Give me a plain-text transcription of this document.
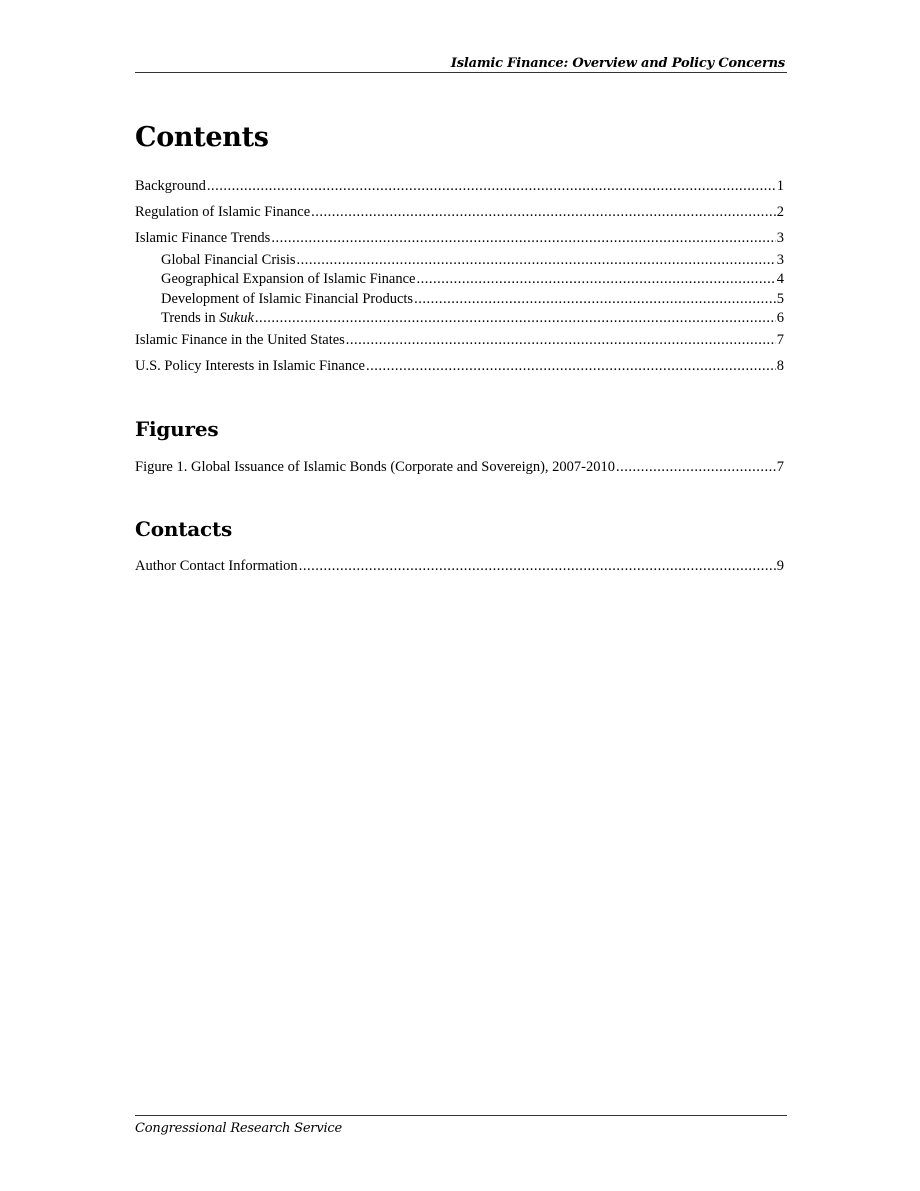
Islamic Finance: Overview and Policy Concerns
Contents
Background .....	1
Regulation of Islamic Finance .....	2
Islamic Finance Trends .....	3
Global Financial Crisis .....	3
Geographical Expansion of Islamic Finance .....	4
Development of Islamic Financial Products .....	5
Trends in Sukuk .....	6
Islamic Finance in the United States .....	7
U.S. Policy Interests in Islamic Finance .....	8
Figures
Figure 1. Global Issuance of Islamic Bonds (Corporate and Sovereign), 2007-2010 .....	7
Contacts
Author Contact Information .....	9
Congressional Research Service
